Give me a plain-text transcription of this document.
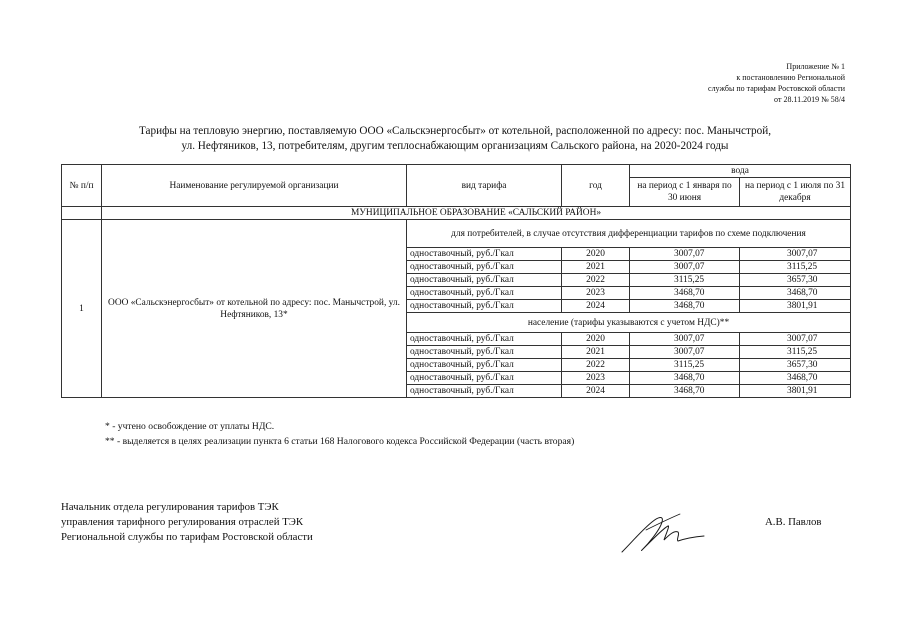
Приложение № 1
к постановлению Региональной
службы по тарифам Ростовской области
от 28.11.2019 № 58/4
Тарифы на тепловую энергию, поставляемую ООО «Сальскэнергосбыт» от котельной, расположенной по адресу: пос. Манычстрой,
ул. Нефтяников, 13, потребителям, другим теплоснабжающим организациям Сальского района, на 2020-2024 годы
№ п/п	Наименование регулируемой организации	вид тарифа	год	вода	
				на период с 1 января по 30 июня	на период с 1 июля по 31 декабря
	МУНИЦИПАЛЬНОЕ ОБРАЗОВАНИЕ «САЛЬСКИЙ РАЙОН»				
1	ООО «Сальскэнергосбыт» от котельной по адресу: пос. Манычстрой, ул. Нефтяников, 13*	для потребителей, в случае отсутствия дифференциации тарифов по схеме подключения			
		одноставочный, руб./Гкал	2020	3007,07	3007,07
		одноставочный, руб./Гкал	2021	3007,07	3115,25
		одноставочный, руб./Гкал	2022	3115,25	3657,30
		одноставочный, руб./Гкал	2023	3468,70	3468,70
		одноставочный, руб./Гкал	2024	3468,70	3801,91
		население (тарифы указываются с учетом НДС)**			
		одноставочный, руб./Гкал	2020	3007,07	3007,07
		одноставочный, руб./Гкал	2021	3007,07	3115,25
		одноставочный, руб./Гкал	2022	3115,25	3657,30
		одноставочный, руб./Гкал	2023	3468,70	3468,70
		одноставочный, руб./Гкал	2024	3468,70	3801,91
* - учтено освобождение от уплаты НДС.
** - выделяется в целях реализации пункта 6 статьи 168 Налогового кодекса Российской Федерации (часть вторая)
Начальник отдела регулирования тарифов ТЭК
управления тарифного регулирования отраслей ТЭК
Региональной службы по тарифам Ростовской области
А.В. Павлов
